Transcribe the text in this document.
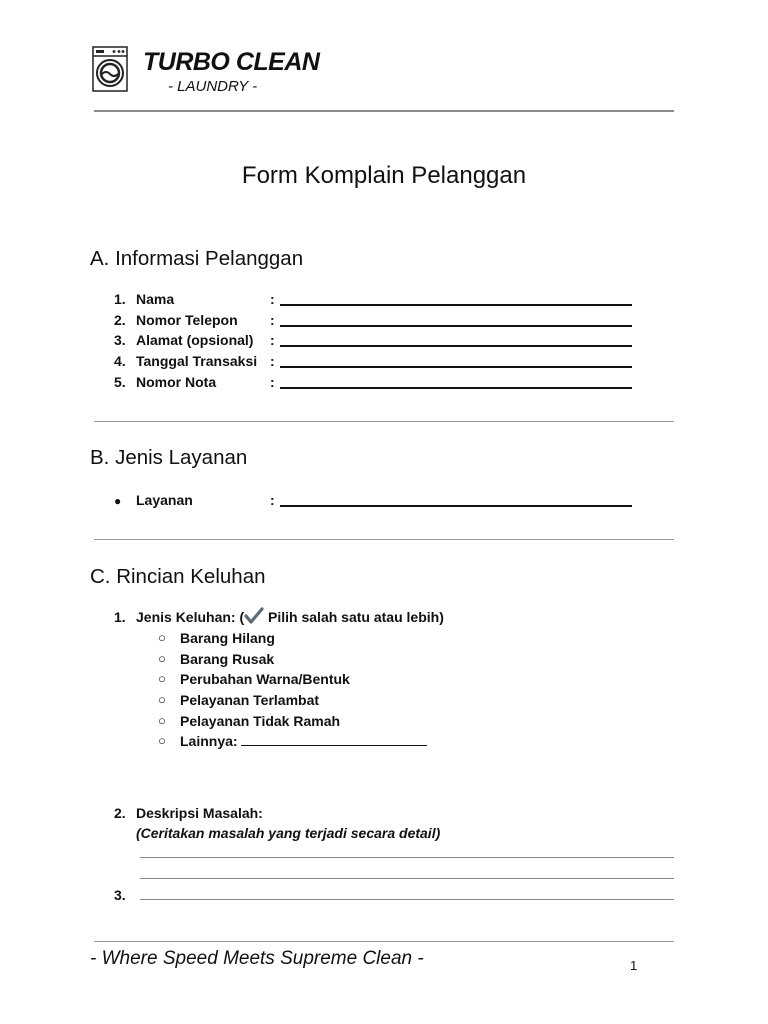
TURBO CLEAN
- LAUNDRY -
Form Komplain Pelanggan
A. Informasi Pelanggan
1. Nama	:
2. Nomor Telepon :
3. Alamat (opsional) :
4. Tanggal Transaksi :
5. Nomor Nota	:
B. Jenis Layanan
● Layanan	:
C. Rincian Keluhan
1. Jenis Keluhan: ( Pilih salah satu atau lebih)
○ Barang Hilang
○ Barang Rusak
○ Perubahan Warna/Bentuk
○ Pelayanan Terlambat
○ Pelayanan Tidak Ramah
○ Lainnya:
2. Deskripsi Masalah:
(Ceritakan masalah yang terjadi secara detail)
3.
- Where Speed Meets Supreme Clean -	1
